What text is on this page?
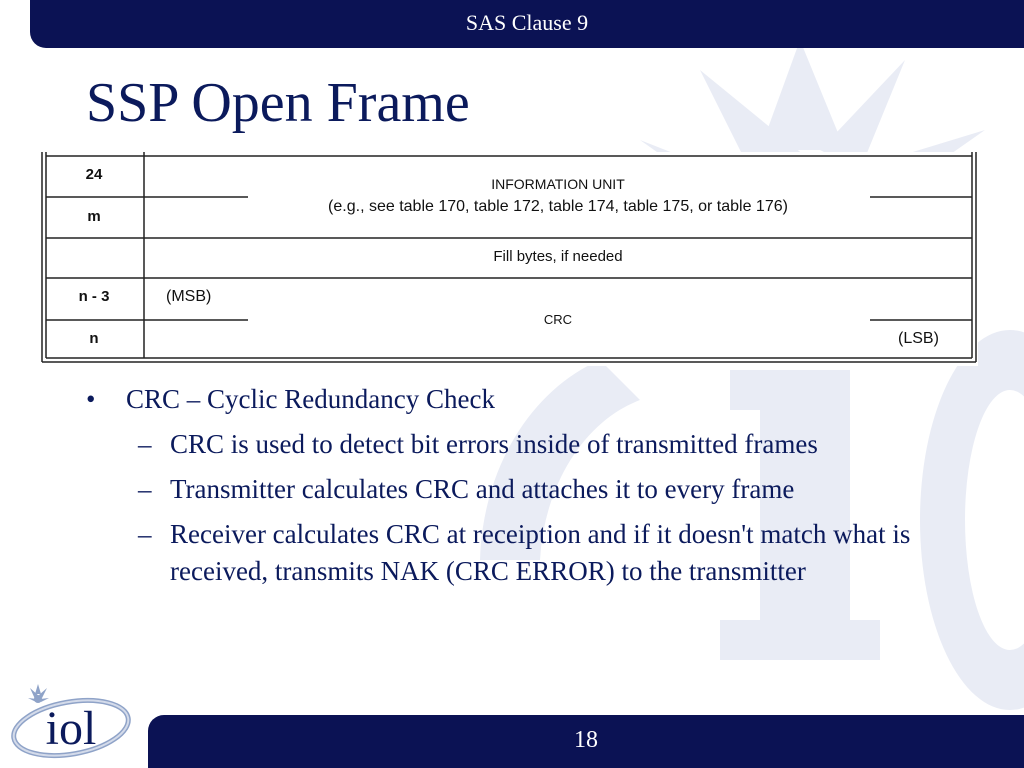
SAS Clause 9
SSP Open Frame
24
m
n - 3
n
INFORMATION UNIT
(e.g., see table 170, table 172, table 174, table 175, or table 176)
Fill bytes, if needed
(MSB)
CRC
(LSB)
• CRC – Cyclic Redundancy Check
– CRC is used to detect bit errors inside of transmitted frames
– Transmitter calculates CRC and attaches it to every frame
– Receiver calculates CRC at receiption and if it doesn't match what is received, transmits NAK (CRC ERROR) to the transmitter
18
iol
